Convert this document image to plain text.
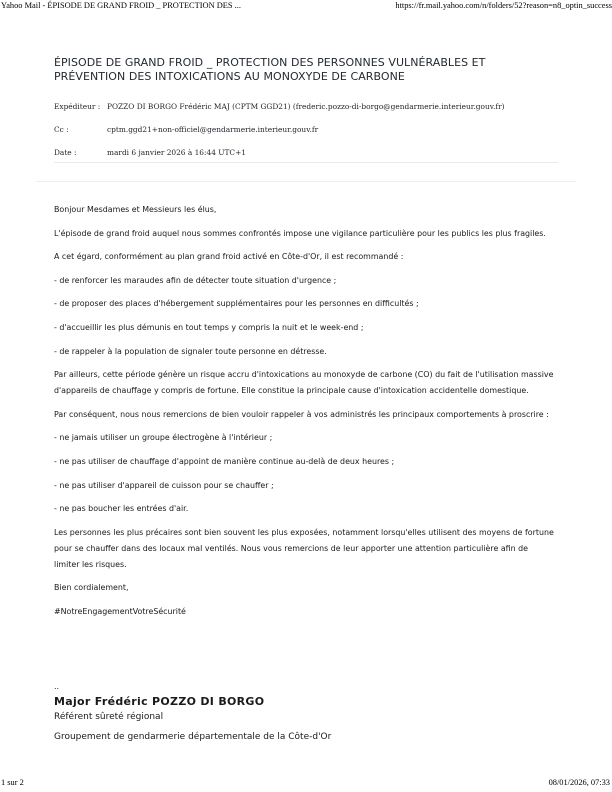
Yahoo Mail - ÉPISODE DE GRAND FROID _ PROTECTION DES ...	https://fr.mail.yahoo.com/n/folders/52?reason=n8_optin_success
ÉPISODE DE GRAND FROID _ PROTECTION DES PERSONNES VULNÉRABLES ET PRÉVENTION DES INTOXICATIONS AU MONOXYDE DE CARBONE
Expéditeur : POZZO DI BORGO Frédéric MAJ (CPTM GGD21) (frederic.pozzo-di-borgo@gendarmerie.interieur.gouv.fr)
Cc :	cptm.ggd21+non-officiel@gendarmerie.interieur.gouv.fr
Date :	mardi 6 janvier 2026 à 16:44 UTC+1

Bonjour Mesdames et Messieurs les élus,

L'épisode de grand froid auquel nous sommes confrontés impose une vigilance particulière pour les publics les plus fragiles.

A cet égard, conformément au plan grand froid activé en Côte-d'Or, il est recommandé :

- de renforcer les maraudes afin de détecter toute situation d'urgence ;

- de proposer des places d'hébergement supplémentaires pour les personnes en difficultés ;

- d'accueillir les plus démunis en tout temps y compris la nuit et le week-end ;

- de rappeler à la population de signaler toute personne en détresse.

Par ailleurs, cette période génère un risque accru d'intoxications au monoxyde de carbone (CO) du fait de l'utilisation massive d'appareils de chauffage y compris de fortune. Elle constitue la principale cause d'intoxication accidentelle domestique.

Par conséquent, nous nous remercions de bien vouloir rappeler à vos administrés les principaux comportements à proscrire :

- ne jamais utiliser un groupe électrogène à l'intérieur ;

- ne pas utiliser de chauffage d'appoint de manière continue au-delà de deux heures ;

- ne pas utiliser d'appareil de cuisson pour se chauffer ;

- ne pas boucher les entrées d'air.

Les personnes les plus précaires sont bien souvent les plus exposées, notamment lorsqu'elles utilisent des moyens de fortune pour se chauffer dans des locaux mal ventilés. Nous vous remercions de leur apporter une attention particulière afin de limiter les risques.

Bien cordialement,

#NotreEngagementVotreSécurité

..
Major Frédéric POZZO DI BORGO
Référent sûreté régional
Groupement de gendarmerie départementale de la Côte-d'Or
1 sur 2	08/01/2026, 07:33
